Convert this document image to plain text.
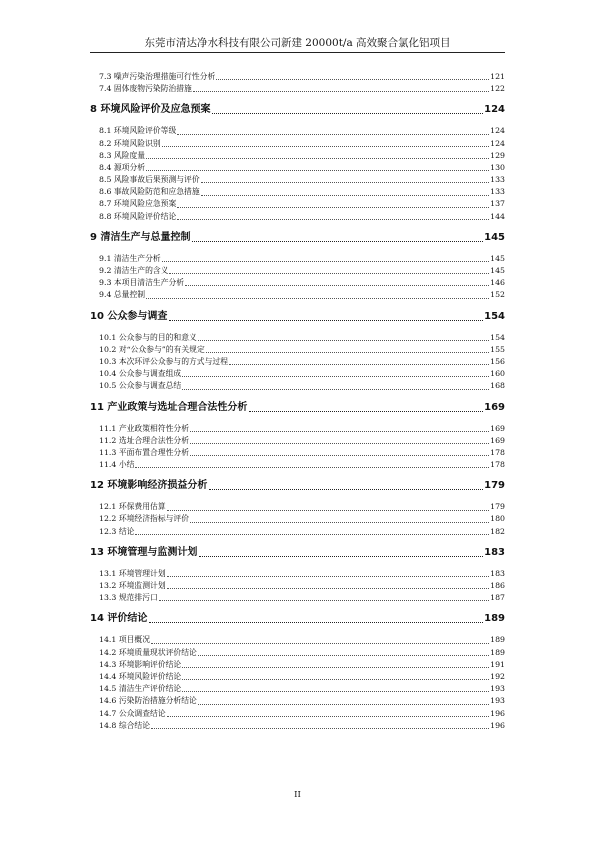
东莞市清达净水科技有限公司新建 20000t/a 高效聚合氯化铝项目
7.3 噪声污染治理措施可行性分析	121
7.4 固体废物污染防治措施	122
8 环境风险评价及应急预案	124
8.1 环境风险评价等级	124
8.2 环境风险识别	124
8.3 风险度量	129
8.4 源项分析	130
8.5 风险事故后果预测与评价	133
8.6 事故风险防范和应急措施	133
8.7 环境风险应急预案	137
8.8 环境风险评价结论	144
9 清洁生产与总量控制	145
9.1 清洁生产分析	145
9.2 清洁生产的含义	145
9.3 本项目清洁生产分析	146
9.4 总量控制	152
10 公众参与调查	154
10.1 公众参与的目的和意义	154
10.2 对“公众参与”的有关规定	155
10.3 本次环评公众参与的方式与过程	156
10.4 公众参与调查组成	160
10.5 公众参与调查总结	168
11 产业政策与选址合理合法性分析	169
11.1 产业政策相符性分析	169
11.2 选址合理合法性分析	169
11.3 平面布置合理性分析	178
11.4 小结	178
12 环境影响经济损益分析	179
12.1 环保费用估算	179
12.2 环境经济指标与评价	180
12.3 结论	182
13 环境管理与监测计划	183
13.1 环境管理计划	183
13.2 环境监测计划	186
13.3 规范排污口	187
14 评价结论	189
14.1 项目概况	189
14.2 环境质量现状评价结论	189
14.3 环境影响评价结论	191
14.4 环境风险评价结论	192
14.5 清洁生产评价结论	193
14.6 污染防治措施分析结论	193
14.7 公众调查结论	196
14.8 综合结论	196
II
